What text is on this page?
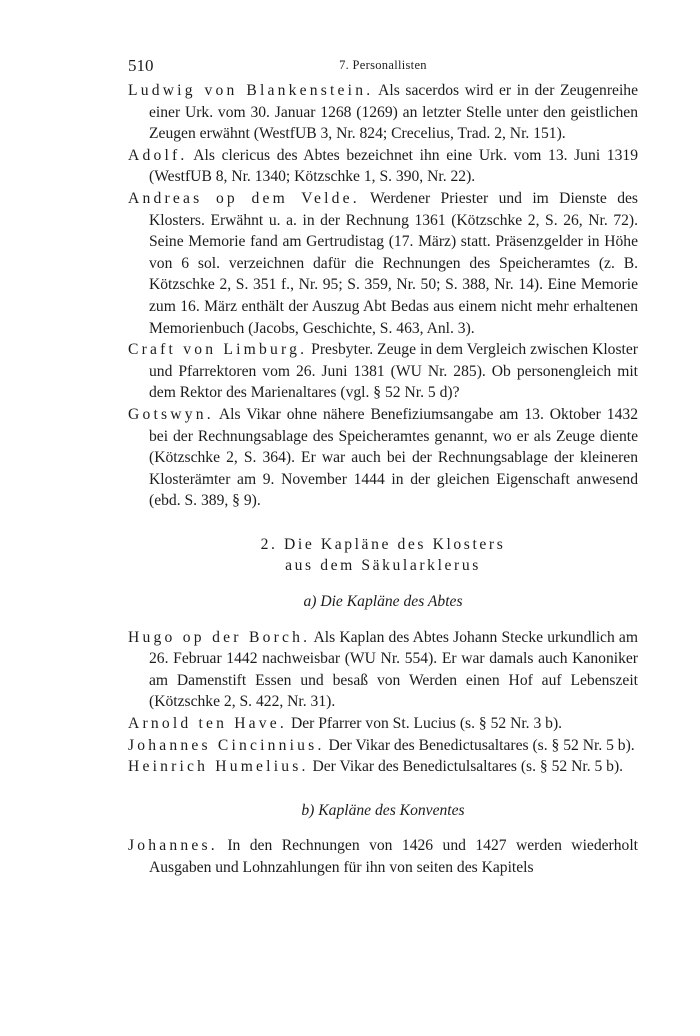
510	7. Personallisten

Ludwig von Blankenstein. Als sacerdos wird er in der Zeugenreihe einer Urk. vom 30. Januar 1268 (1269) an letzter Stelle unter den geistlichen Zeugen erwähnt (WestfUB 3, Nr. 824; Crecelius, Trad. 2, Nr. 151).

Adolf. Als clericus des Abtes bezeichnet ihn eine Urk. vom 13. Juni 1319 (WestfUB 8, Nr. 1340; Kötzschke 1, S. 390, Nr. 22).

Andreas op dem Velde. Werdener Priester und im Dienste des Klosters. Erwähnt u. a. in der Rechnung 1361 (Kötzschke 2, S. 26, Nr. 72). Seine Memorie fand am Gertrudistag (17. März) statt. Präsenzgelder in Höhe von 6 sol. verzeichnen dafür die Rechnungen des Speicheramtes (z. B. Kötzschke 2, S. 351 f., Nr. 95; S. 359, Nr. 50; S. 388, Nr. 14). Eine Memorie zum 16. März enthält der Auszug Abt Bedas aus einem nicht mehr erhaltenen Memorienbuch (Jacobs, Geschichte, S. 463, Anl. 3).

Craft von Limburg. Presbyter. Zeuge in dem Vergleich zwischen Kloster und Pfarrektoren vom 26. Juni 1381 (WU Nr. 285). Ob personengleich mit dem Rektor des Marienaltares (vgl. § 52 Nr. 5 d)?

Gotswyn. Als Vikar ohne nähere Benefiziumsangabe am 13. Oktober 1432 bei der Rechnungsablage des Speicheramtes genannt, wo er als Zeuge diente (Kötzschke 2, S. 364). Er war auch bei der Rechnungsablage der kleineren Klosterämter am 9. November 1444 in der gleichen Eigenschaft anwesend (ebd. S. 389, § 9).

2. Die Kapläne des Klosters

aus dem Säkularklerus

a) Die Kapläne des Abtes

Hugo op der Borch. Als Kaplan des Abtes Johann Stecke urkundlich am 26. Februar 1442 nachweisbar (WU Nr. 554). Er war damals auch Kanoniker am Damenstift Essen und besaß von Werden einen Hof auf Lebenszeit (Kötzschke 2, S. 422, Nr. 31).

Arnold ten Have. Der Pfarrer von St. Lucius (s. § 52 Nr. 3 b).

Johannes Cincinnius. Der Vikar des Benedictusaltares (s. § 52 Nr. 5 b).

Heinrich Humelius. Der Vikar des Benedictulsaltares (s. § 52 Nr. 5 b).

b) Kapläne des Konventes

Johannes. In den Rechnungen von 1426 und 1427 werden wiederholt Ausgaben und Lohnzahlungen für ihn von seiten des Kapitels
